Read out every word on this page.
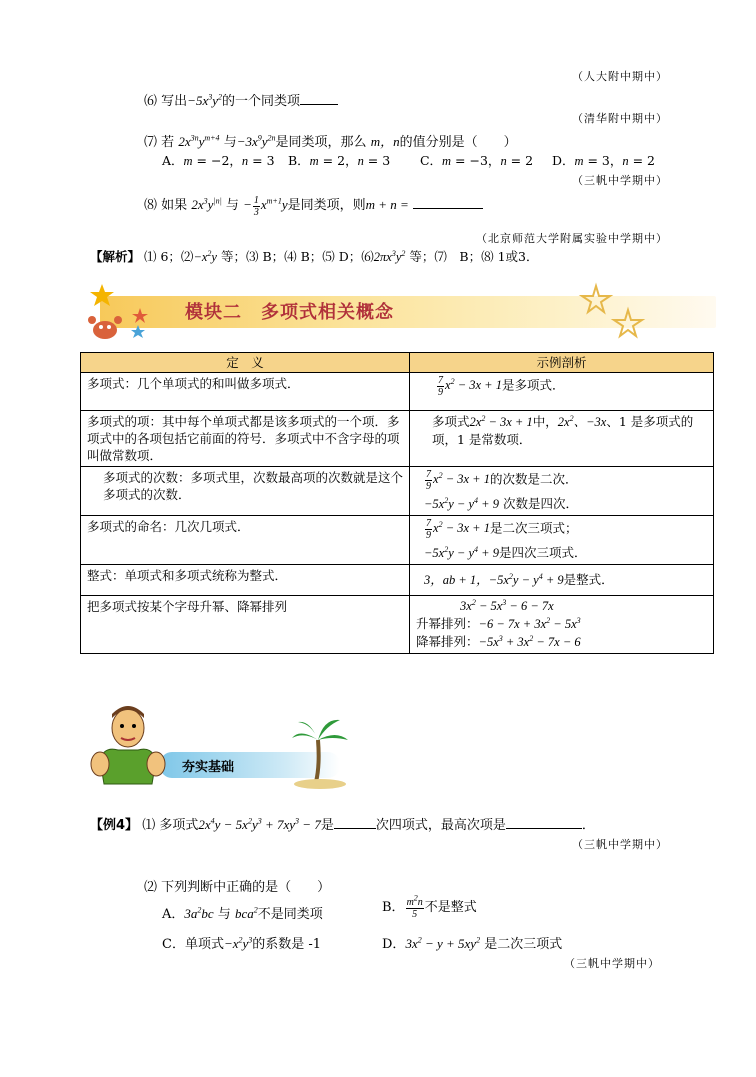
（人大附中期中）
⑹ 写出$-5x^3y^2$的一个同类项
（清华附中期中）
⑺ 若 $2x^{3n}y^{m+4}$ 与$-3x^9y^{2n}$是同类项，那么 m，n的值分别是（　　）
A．m = −2，n = 3 B．m = 2，n = 3 C．m = −3，n = 2 D．m = 3，n = 2
（三帆中学期中）
⑻ 如果 $2x^3y^{|n|}$ 与 − $\frac{1}{3} x^{m+1}y$是同类项，则m + n =
（北京师范大学附属实验中学期中）
【解析】 ⑴ 6；$⑵-x^2y$ 等；⑶ B；⑷ B；⑸ D；$⑹2\pi x^3y^2$ 等；⑺　B；⑻ 1或3．
模块二　多项式相关概念
定　义	示例剖析
多项式：几个单项式的和叫做多项式．	$\frac{7}{9} x^2 - 3x + 1$是多项式．
多项式的项：其中每个单项式都是该多项式的一个项．多项式中的各项包括它前面的符号．多项式中不含字母的项叫做常数项．	多项式$2x^2 - 3x + 1$中，$2x^2$、−3x、1 是多项式的项，1 是常数项．
多项式的次数：多项式里，次数最高项的次数就是这个多项式的次数．	$\frac{7}{9} x^2 - 3x + 1$的次数是二次．
$-5x^2y - y^4 + 9$ 次数是四次．

多项式的命名：几次几项式．	$\frac{7}{9} x^2 - 3x + 1$是二次三项式；
$-5x^2y - y^4 + 9$是四次三项式．

整式：单项式和多项式统称为整式．	3，ab + 1，$-5x^2y - y^4 + 9$是整式．
把多项式按某个字母升幂、降幂排列	$3x^2 - 5x^3 - 6 - 7x$
升幂排列：$-6 - 7x + 3x^2 - 5x^3$
降幂排列：$-5x^3 + 3x^2 - 7x - 6$
夯实基础
【例4】 ⑴ 多项式$2x^4y - 5x^2y^3 + 7xy^3 - 7$是	次四项式，最高次项是	．
（三帆中学期中）
⑵ 下列判断中正确的是（　　）
A．$3a^2bc$ 与 bca$^2$不是同类项	B． $\frac{m^2n}{5}$ 不是整式
C．单项式$-x^2y^3$的系数是 -1	D．$3x^2 - y + 5xy^2$ 是二次三项式
（三帆中学期中）
